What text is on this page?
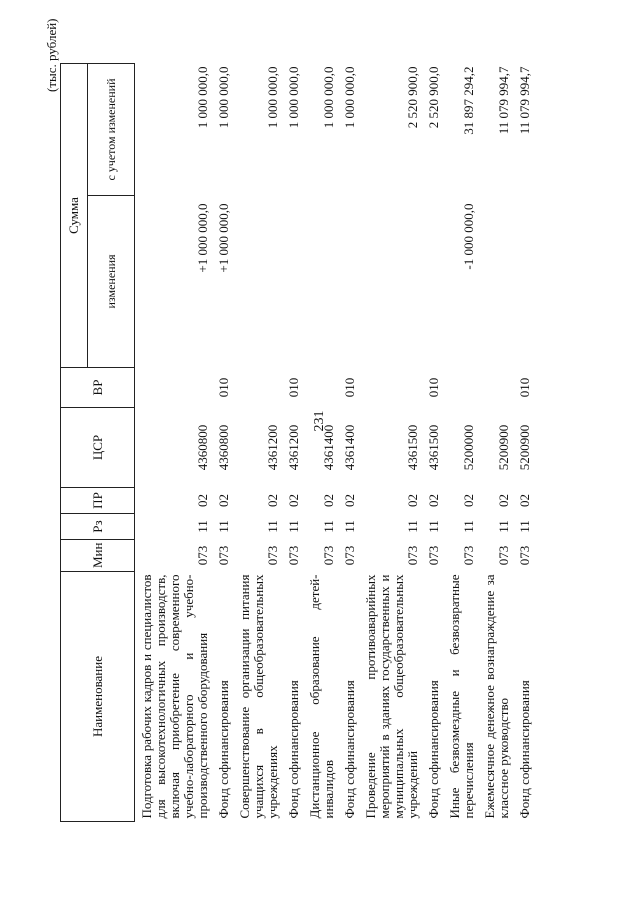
231
(тыс. рублей)
Наименование	Мин	Рз	ПР	ЦСР	ВР	Сумма	
						изменения	с учетом изменений
Подготовка рабочих кадров и специалистов для высокотехнологичных производств, включая приобретение современного учебно-лабораторного и учебно-производственного оборудования	073	11	02	4360800		+1 000 000,0	1 000 000,0
Фонд софинансирования	073	11	02	4360800	010	+1 000 000,0	1 000 000,0
Совершенствование организации питания учащихся в общеобразовательных учреждениях	073	11	02	4361200			1 000 000,0
Фонд софинансирования	073	11	02	4361200	010		1 000 000,0
Дистанционное образование детей-инвалидов	073	11	02	4361400			1 000 000,0
Фонд софинансирования	073	11	02	4361400	010		1 000 000,0
Проведение противоаварийных мероприятий в зданиях государственных и муниципальных общеобразовательных учреждений	073	11	02	4361500			2 520 900,0
Фонд софинансирования	073	11	02	4361500	010		2 520 900,0
Иные безвозмездные и безвозвратные перечисления	073	11	02	5200000		-1 000 000,0	31 897 294,2
Ежемесячное денежное вознаграждение за классное руководство	073	11	02	5200900			11 079 994,7
Фонд софинансирования	073	11	02	5200900	010		11 079 994,7
